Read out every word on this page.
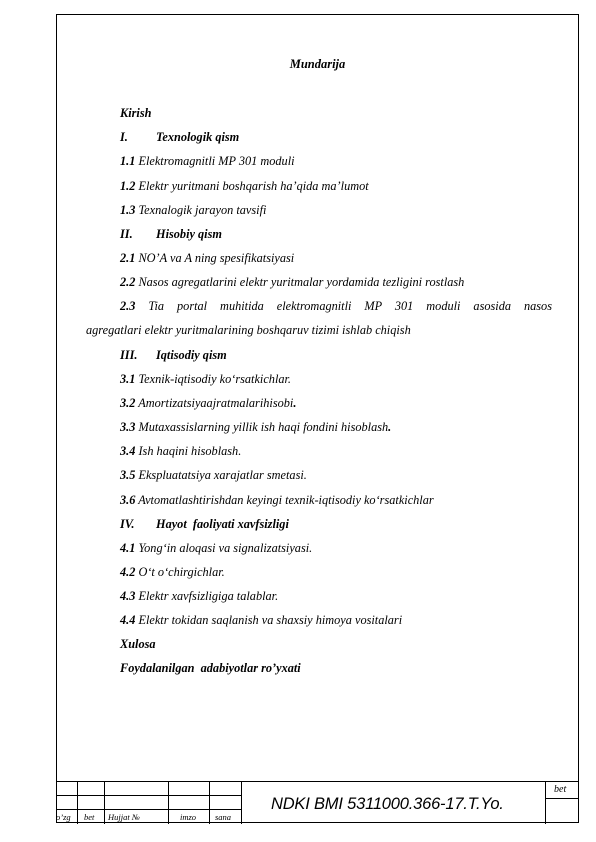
Mundarija
Kirish
I. Texnologik qism
1.1 Elektromagnitli MP 301 moduli
1.2 Elektr yuritmani boshqarish ha’qida ma’lumot
1.3 Texnalogik jarayon tavsifi
II. Hisobiy qism
2.1 NO’A va A ning spesifikatsiyasi
2.2 Nasos agregatlarini elektr yuritmalar yordamida tezligini rostlash
2.3 Tia portal muhitida elektromagnitli MP 301 moduli asosida nasos
agregatlari elektr yuritmalarining boshqaruv tizimi ishlab chiqish
III. Iqtisodiy qism
3.1 Texnik-iqtisodiy ko‘rsatkichlar.
3.2 Amortizatsiyaajratmalarihisobi.
3.3 Mutaxassislarning yillik ish haqi fondini hisoblash.
3.4 Ish haqini hisoblash.
3.5 Ekspluatatsiya xarajatlar smetasi.
3.6 Avtomatlashtirishdan keyingi texnik-iqtisodiy ko‘rsatkichlar
IV. Hayot  faoliyati xavfsizligi
4.1 Yong‘in aloqasi va signalizatsiyasi.
4.2 O‘t o‘chirgichlar.
4.3 Elektr xavfsizligiga talablar.
4.4 Elektr tokidan saqlanish va shaxsiy himoya vositalari
Xulosa
Foydalanilgan  adabiyotlar ro’yxati
o’zg bet Hujjat №	imzo sana
NDKI BMI 5311000.366-17.T.Yo.
bet
